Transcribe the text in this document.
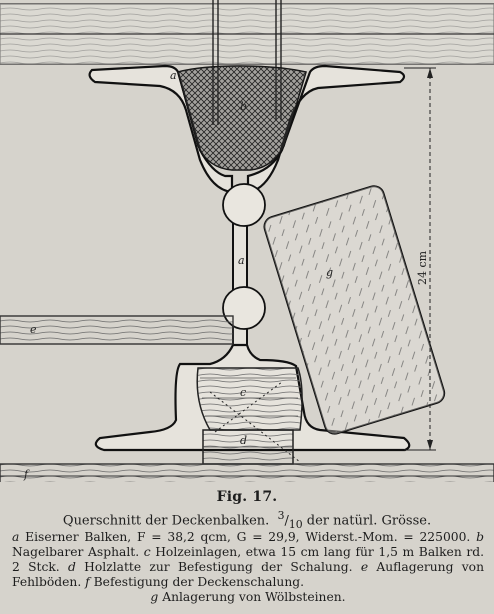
24 cm
a
b
a
c
d
e
f
g
Fig. 17.
Querschnitt der Deckenbalken. $^3/_{10}$ der natürl. Grösse.
a Eiserner Balken, F = 38,2 qcm, G = 29,9, Widerst.-Mom. = 225000. b Nagelbarer Asphalt. c Holzeinlagen, etwa 15 cm lang für 1,5 m Balken rd. 2 Stck. d Holzlatte zur Befestigung der Schalung. e Auflagerung von Fehlböden. f Befestigung der Deckenschalung.
g Anlagerung von Wölbsteinen.
